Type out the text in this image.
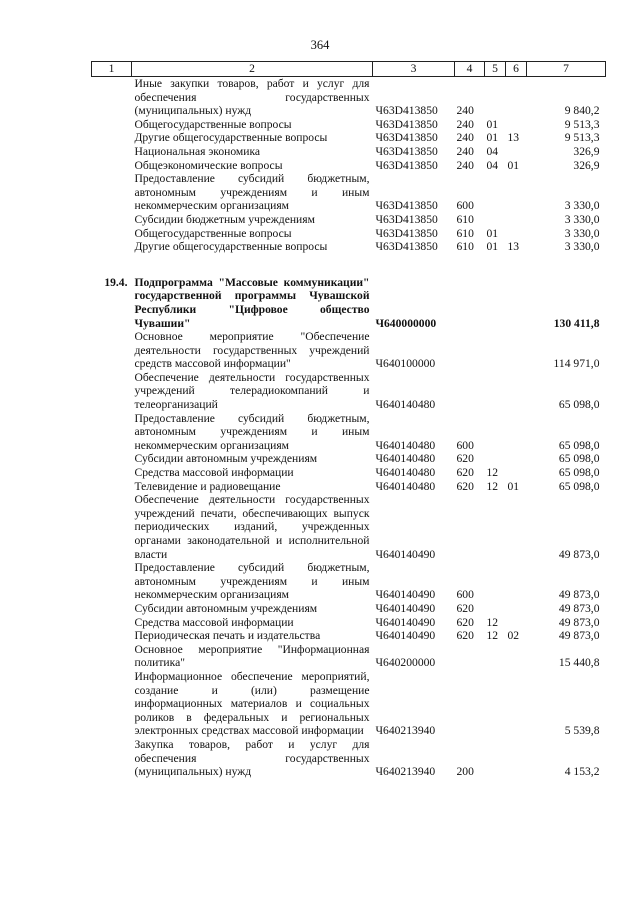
364
1	2	3	4	5	6	7
	Иные закупки товаров, работ и услуг для обеспечения государственных (муниципальных) нужд	Ч63D413850	240			9 840,2
	Общегосударственные вопросы	Ч63D413850	240	01		9 513,3
	Другие общегосударственные вопросы	Ч63D413850	240	01	13	9 513,3
	Национальная экономика	Ч63D413850	240	04		326,9
	Общеэкономические вопросы	Ч63D413850	240	04	01	326,9
	Предоставление субсидий бюджетным, автономным учреждениям и иным некоммерческим организациям	Ч63D413850	600			3 330,0
	Субсидии бюджетным учреждениям	Ч63D413850	610			3 330,0
	Общегосударственные вопросы	Ч63D413850	610	01		3 330,0
	Другие общегосударственные вопросы	Ч63D413850	610	01	13	3 330,0

19.4.	Подпрограмма "Массовые коммуникации" государственной программы Чувашской Республики "Цифровое общество Чувашии"	Ч640000000				130 411,8
	Основное мероприятие "Обеспечение деятельности государственных учреждений средств массовой информации"	Ч640100000				114 971,0
	Обеспечение деятельности государственных учреждений телерадиокомпаний и телеорганизаций	Ч640140480				65 098,0
	Предоставление субсидий бюджетным, автономным учреждениям и иным некоммерческим организациям	Ч640140480	600			65 098,0
	Субсидии автономным учреждениям	Ч640140480	620			65 098,0
	Средства массовой информации	Ч640140480	620	12		65 098,0
	Телевидение и радиовещание	Ч640140480	620	12	01	65 098,0
	Обеспечение деятельности государственных учреждений печати, обеспечивающих выпуск периодических изданий, учрежденных органами законодательной и исполнительной власти	Ч640140490				49 873,0
	Предоставление субсидий бюджетным, автономным учреждениям и иным некоммерческим организациям	Ч640140490	600			49 873,0
	Субсидии автономным учреждениям	Ч640140490	620			49 873,0
	Средства массовой информации	Ч640140490	620	12		49 873,0
	Периодическая печать и издательства	Ч640140490	620	12	02	49 873,0
	Основное мероприятие "Информационная политика"	Ч640200000				15 440,8
	Информационное обеспечение мероприятий, создание и (или) размещение информационных материалов и социальных роликов в федеральных и региональных электронных средствах массовой информации	Ч640213940				5 539,8
	Закупка товаров, работ и услуг для обеспечения государственных (муниципальных) нужд	Ч640213940	200			4 153,2
